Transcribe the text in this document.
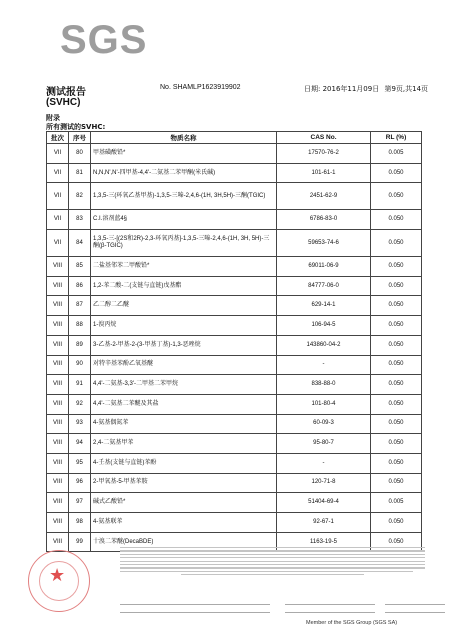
SGS
测试报告	No. SHAMLP1623919902	日期: 2016年11月09日 第9页,共14页
(SVHC)
附录
所有测试的SVHC:
批次	序号	物质名称	CAS No.	RL (%)
VII	80	甲基磺酸铅*	17570-76-2	0.005
VII	81	N,N,N',N'-四甲基-4,4'-二氨基二苯甲酮(米氏碱)	101-61-1	0.050
VII	82	1,3,5-三(环氧乙基甲基)-1,3,5-三嗪-2,4,6-(1H, 3H,5H)-三酮(TGIC)	2451-62-9	0.050
VII	83	C.I.溶剂蓝4§	6786-83-0	0.050
VII	84	1,3,5-三-[(2S和2R)-2,3-环氧丙基]-1,3,5-三嗪-2,4,6-(1H, 3H, 5H)-三酮(β-TGIC)	59653-74-6	0.050
VIII	85	二盐基邻苯二甲酸铅*	69011-06-9	0.050
VIII	86	1,2-苯二酸-二(支链与直链)戊基酯	84777-06-0	0.050
VIII	87	乙二醇二乙醚	629-14-1	0.050
VIII	88	1-溴丙烷	106-94-5	0.050
VIII	89	3-乙基-2-甲基-2-(3-甲基丁基)-1,3-恶唑烷	143860-04-2	0.050
VIII	90	对特辛基苯酚乙氧基醚	-	0.050
VIII	91	4,4'-二氨基-3,3'-二甲基二苯甲烷	838-88-0	0.050
VIII	92	4,4'-二氨基二苯醚及其盐	101-80-4	0.050
VIII	93	4-氨基偶氮苯	60-09-3	0.050
VIII	94	2,4-二氨基甲苯	95-80-7	0.050
VIII	95	4-壬基(支链与直链)苯酚	-	0.050
VIII	96	2-甲氧基-5-甲基苯胺	120-71-8	0.050
VIII	97	碱式乙酸铅*	51404-69-4	0.005
VIII	98	4-氨基联苯	92-67-1	0.050
VIII	99	十溴二苯醚(DecaBDE)	1163-19-5	0.050
★
Member of the SGS Group (SGS SA)
